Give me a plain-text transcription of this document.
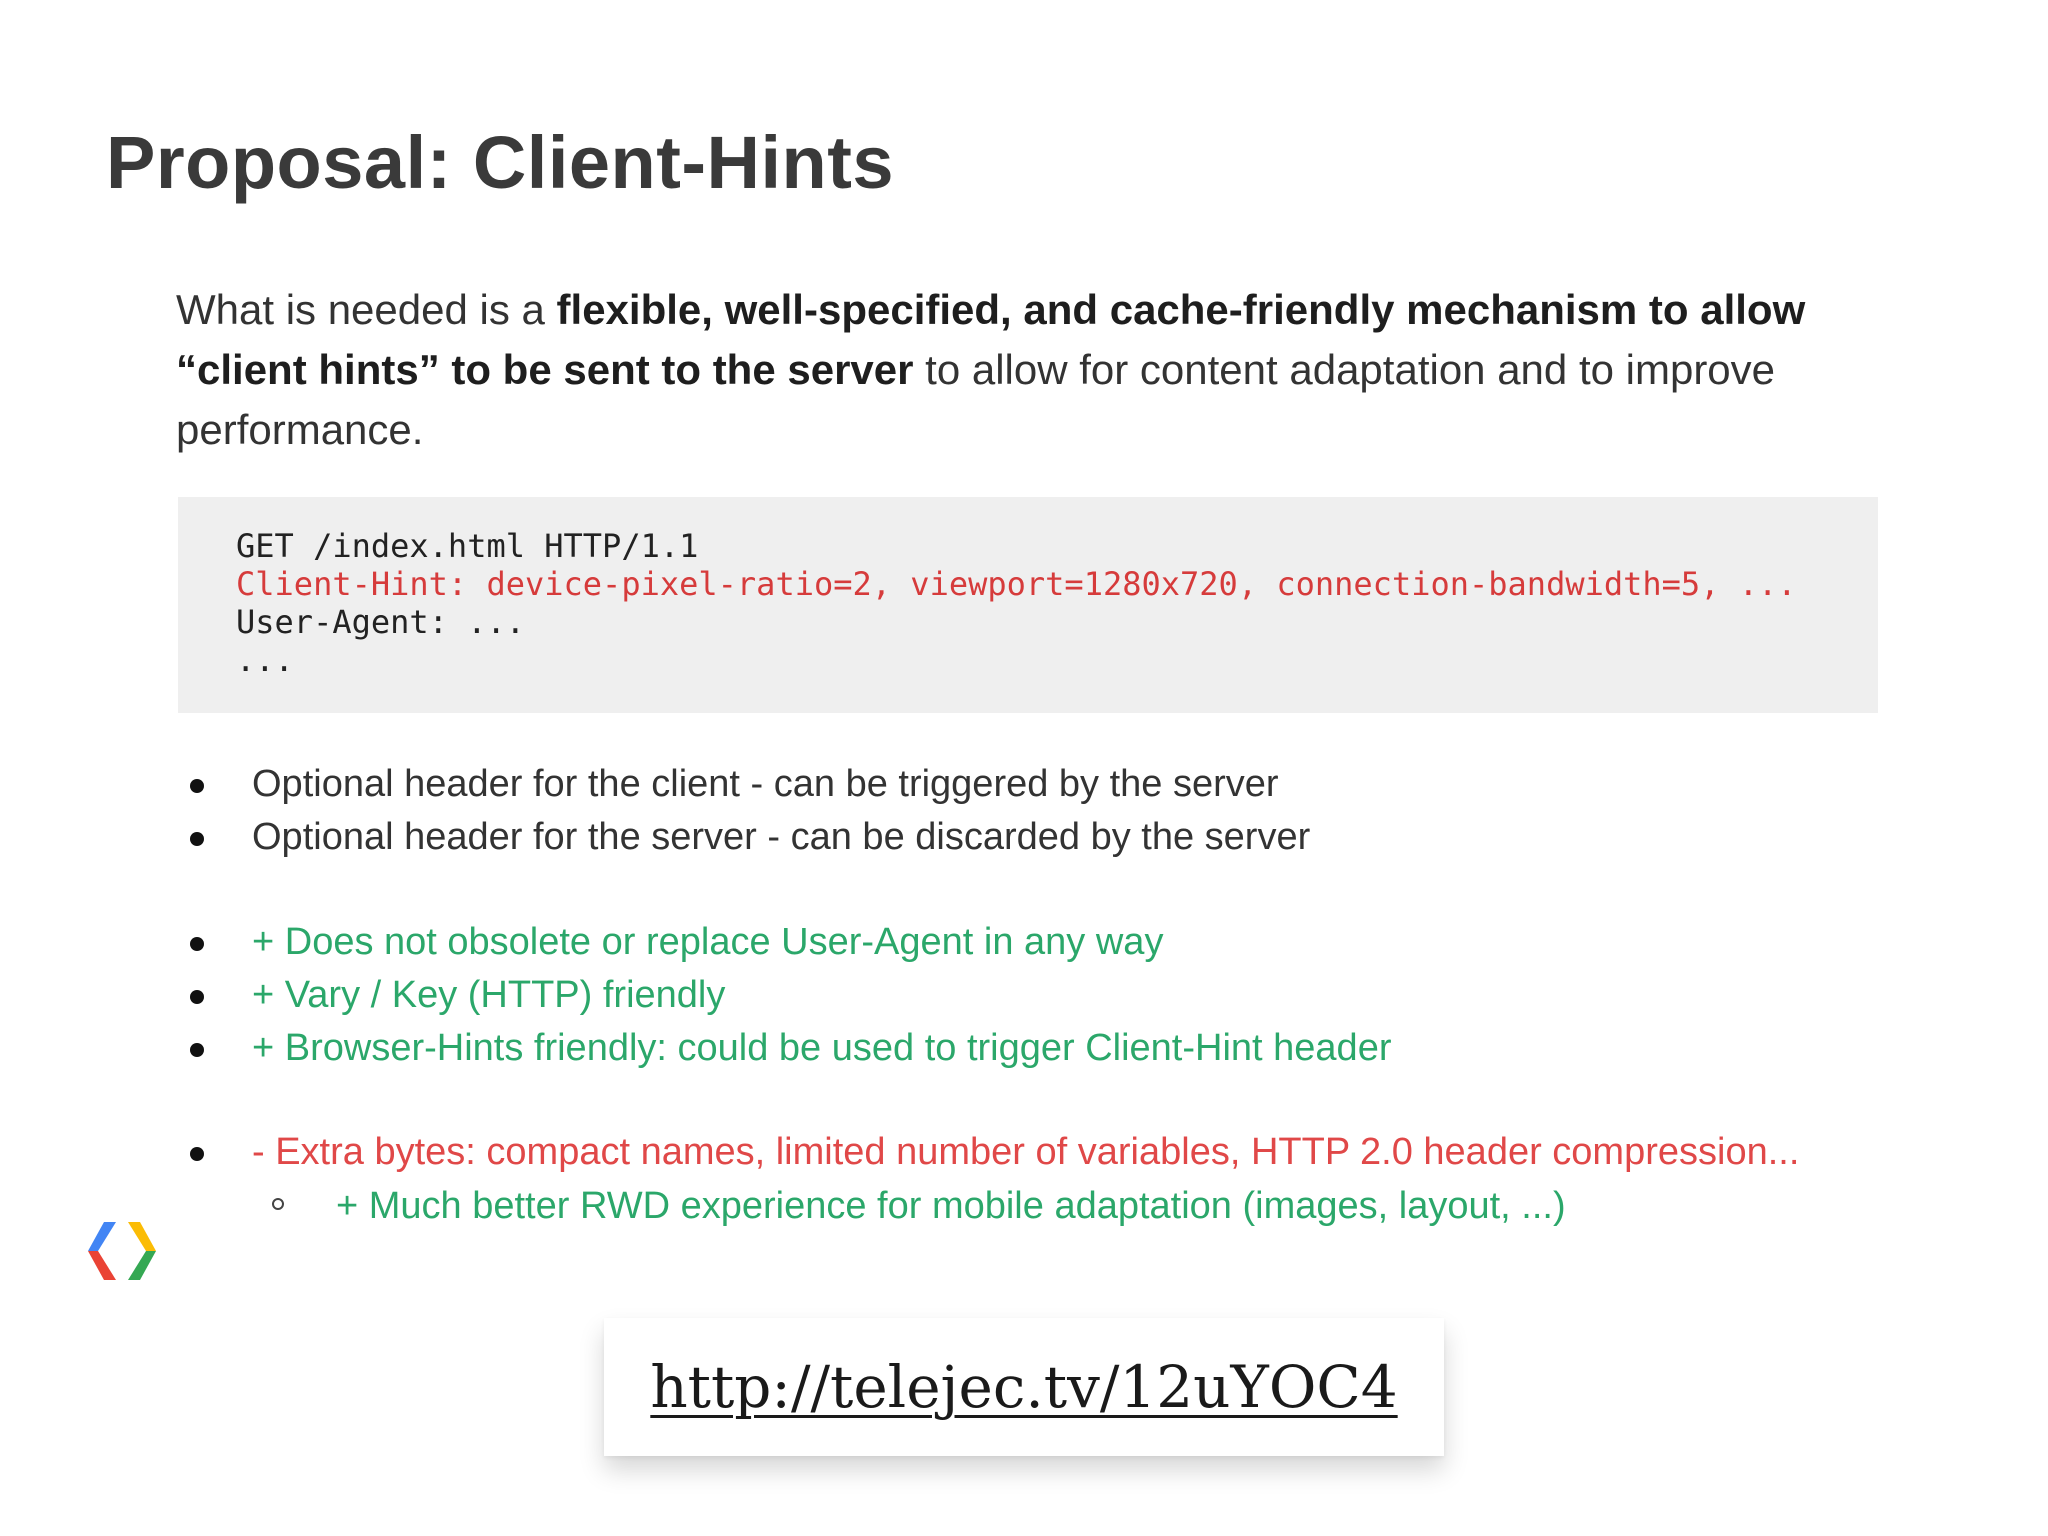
Proposal: Client-Hints
What is needed is a flexible, well-specified, and cache-friendly mechanism to allow “client hints” to be sent to the server to allow for content adaptation and to improve performance.
GET /index.html HTTP/1.1
Client-Hint: device-pixel-ratio=2, viewport=1280x720, connection-bandwidth=5, ...
User-Agent: ...
...
Optional header for the client - can be triggered by the server
Optional header for the server - can be discarded by the server
+ Does not obsolete or replace User-Agent in any way
+ Vary / Key (HTTP) friendly
+ Browser-Hints friendly: could be used to trigger Client-Hint header
- Extra bytes: compact names, limited number of variables, HTTP 2.0 header compression...
+ Much better RWD experience for mobile adaptation (images, layout, ...)
http://telejec.tv/12uYOC4
